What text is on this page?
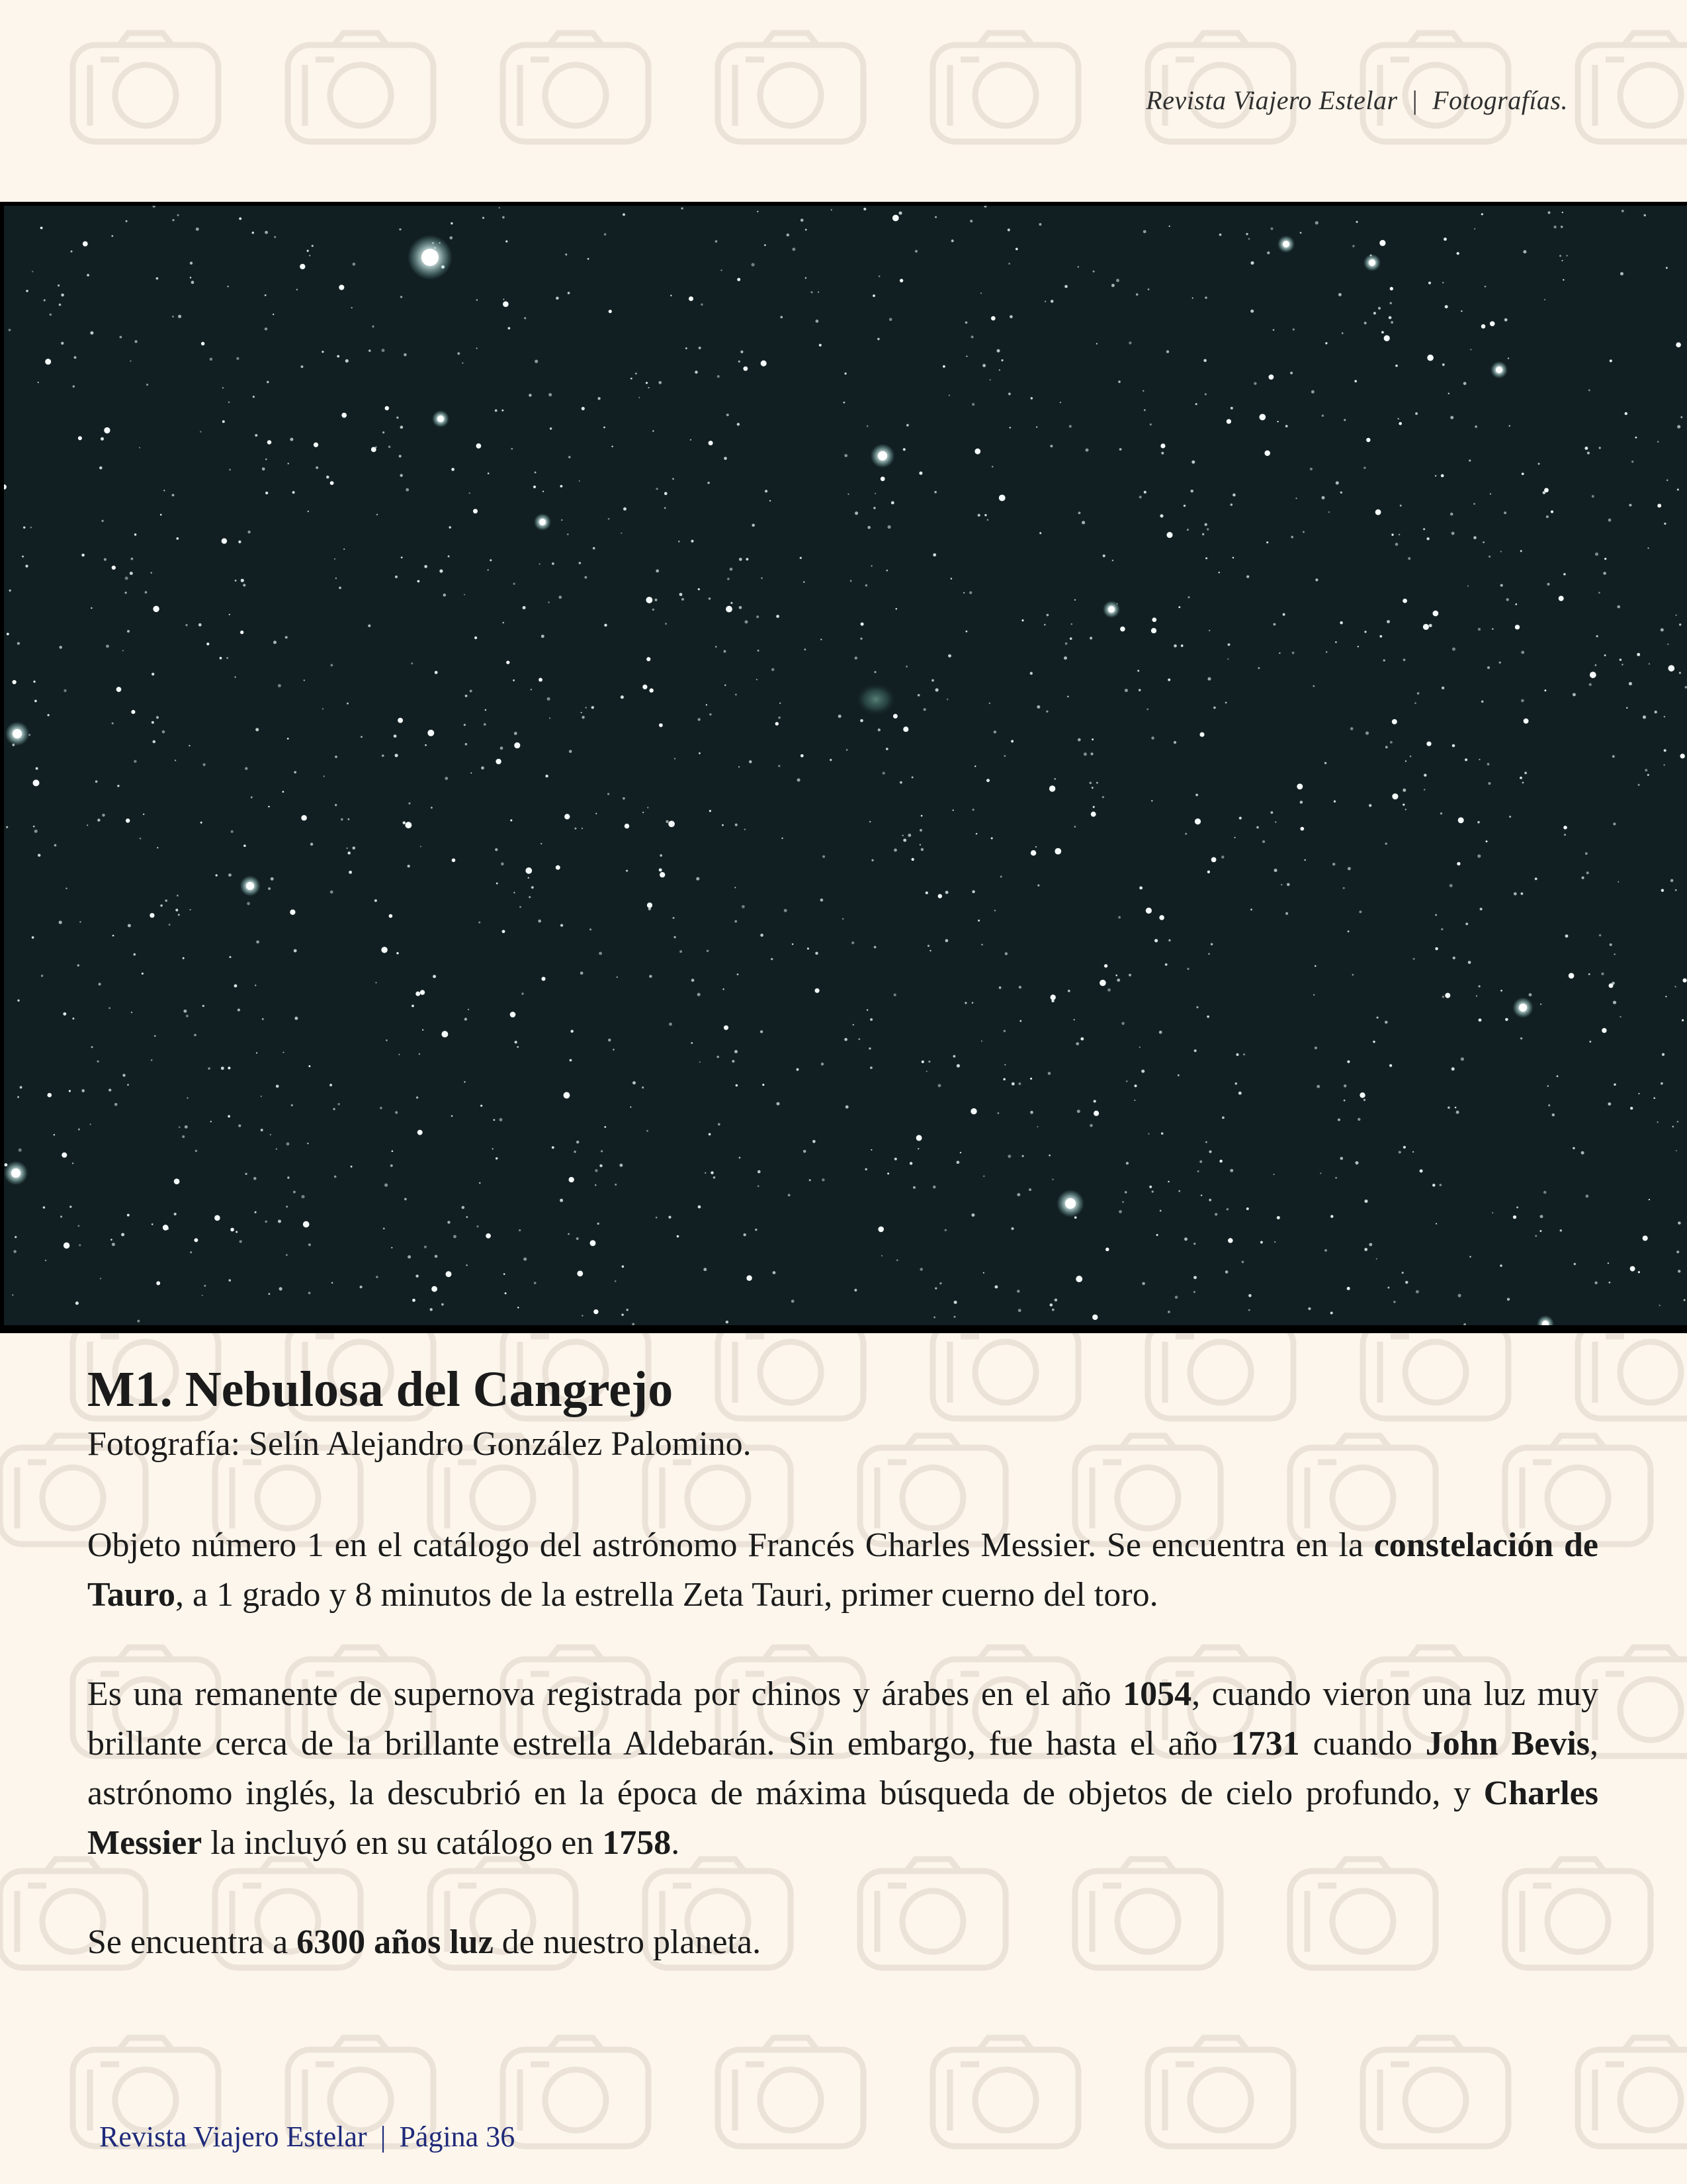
Revista Viajero Estelar | Fotografías.
M1. Nebulosa del Cangrejo

Fotografía: Selín Alejandro González Palomino.

Objeto número 1 en el catálogo del astrónomo Francés Charles Messier. Se encuentra en la constelación de Tauro, a 1 grado y 8 minutos de la estrella Zeta Tauri, primer cuerno del toro.

Es una remanente de supernova registrada por chinos y árabes en el año 1054, cuando vieron una luz muy brillante cerca de la brillante estrella Aldebarán. Sin embargo, fue hasta el año 1731 cuando John Bevis, astrónomo inglés, la descubrió en la época de máxima búsqueda de objetos de cielo profundo, y Charles Messier la incluyó en su catálogo en 1758.

Se encuentra a 6300 años luz de nuestro planeta.

Revista Viajero Estelar | Página 36
